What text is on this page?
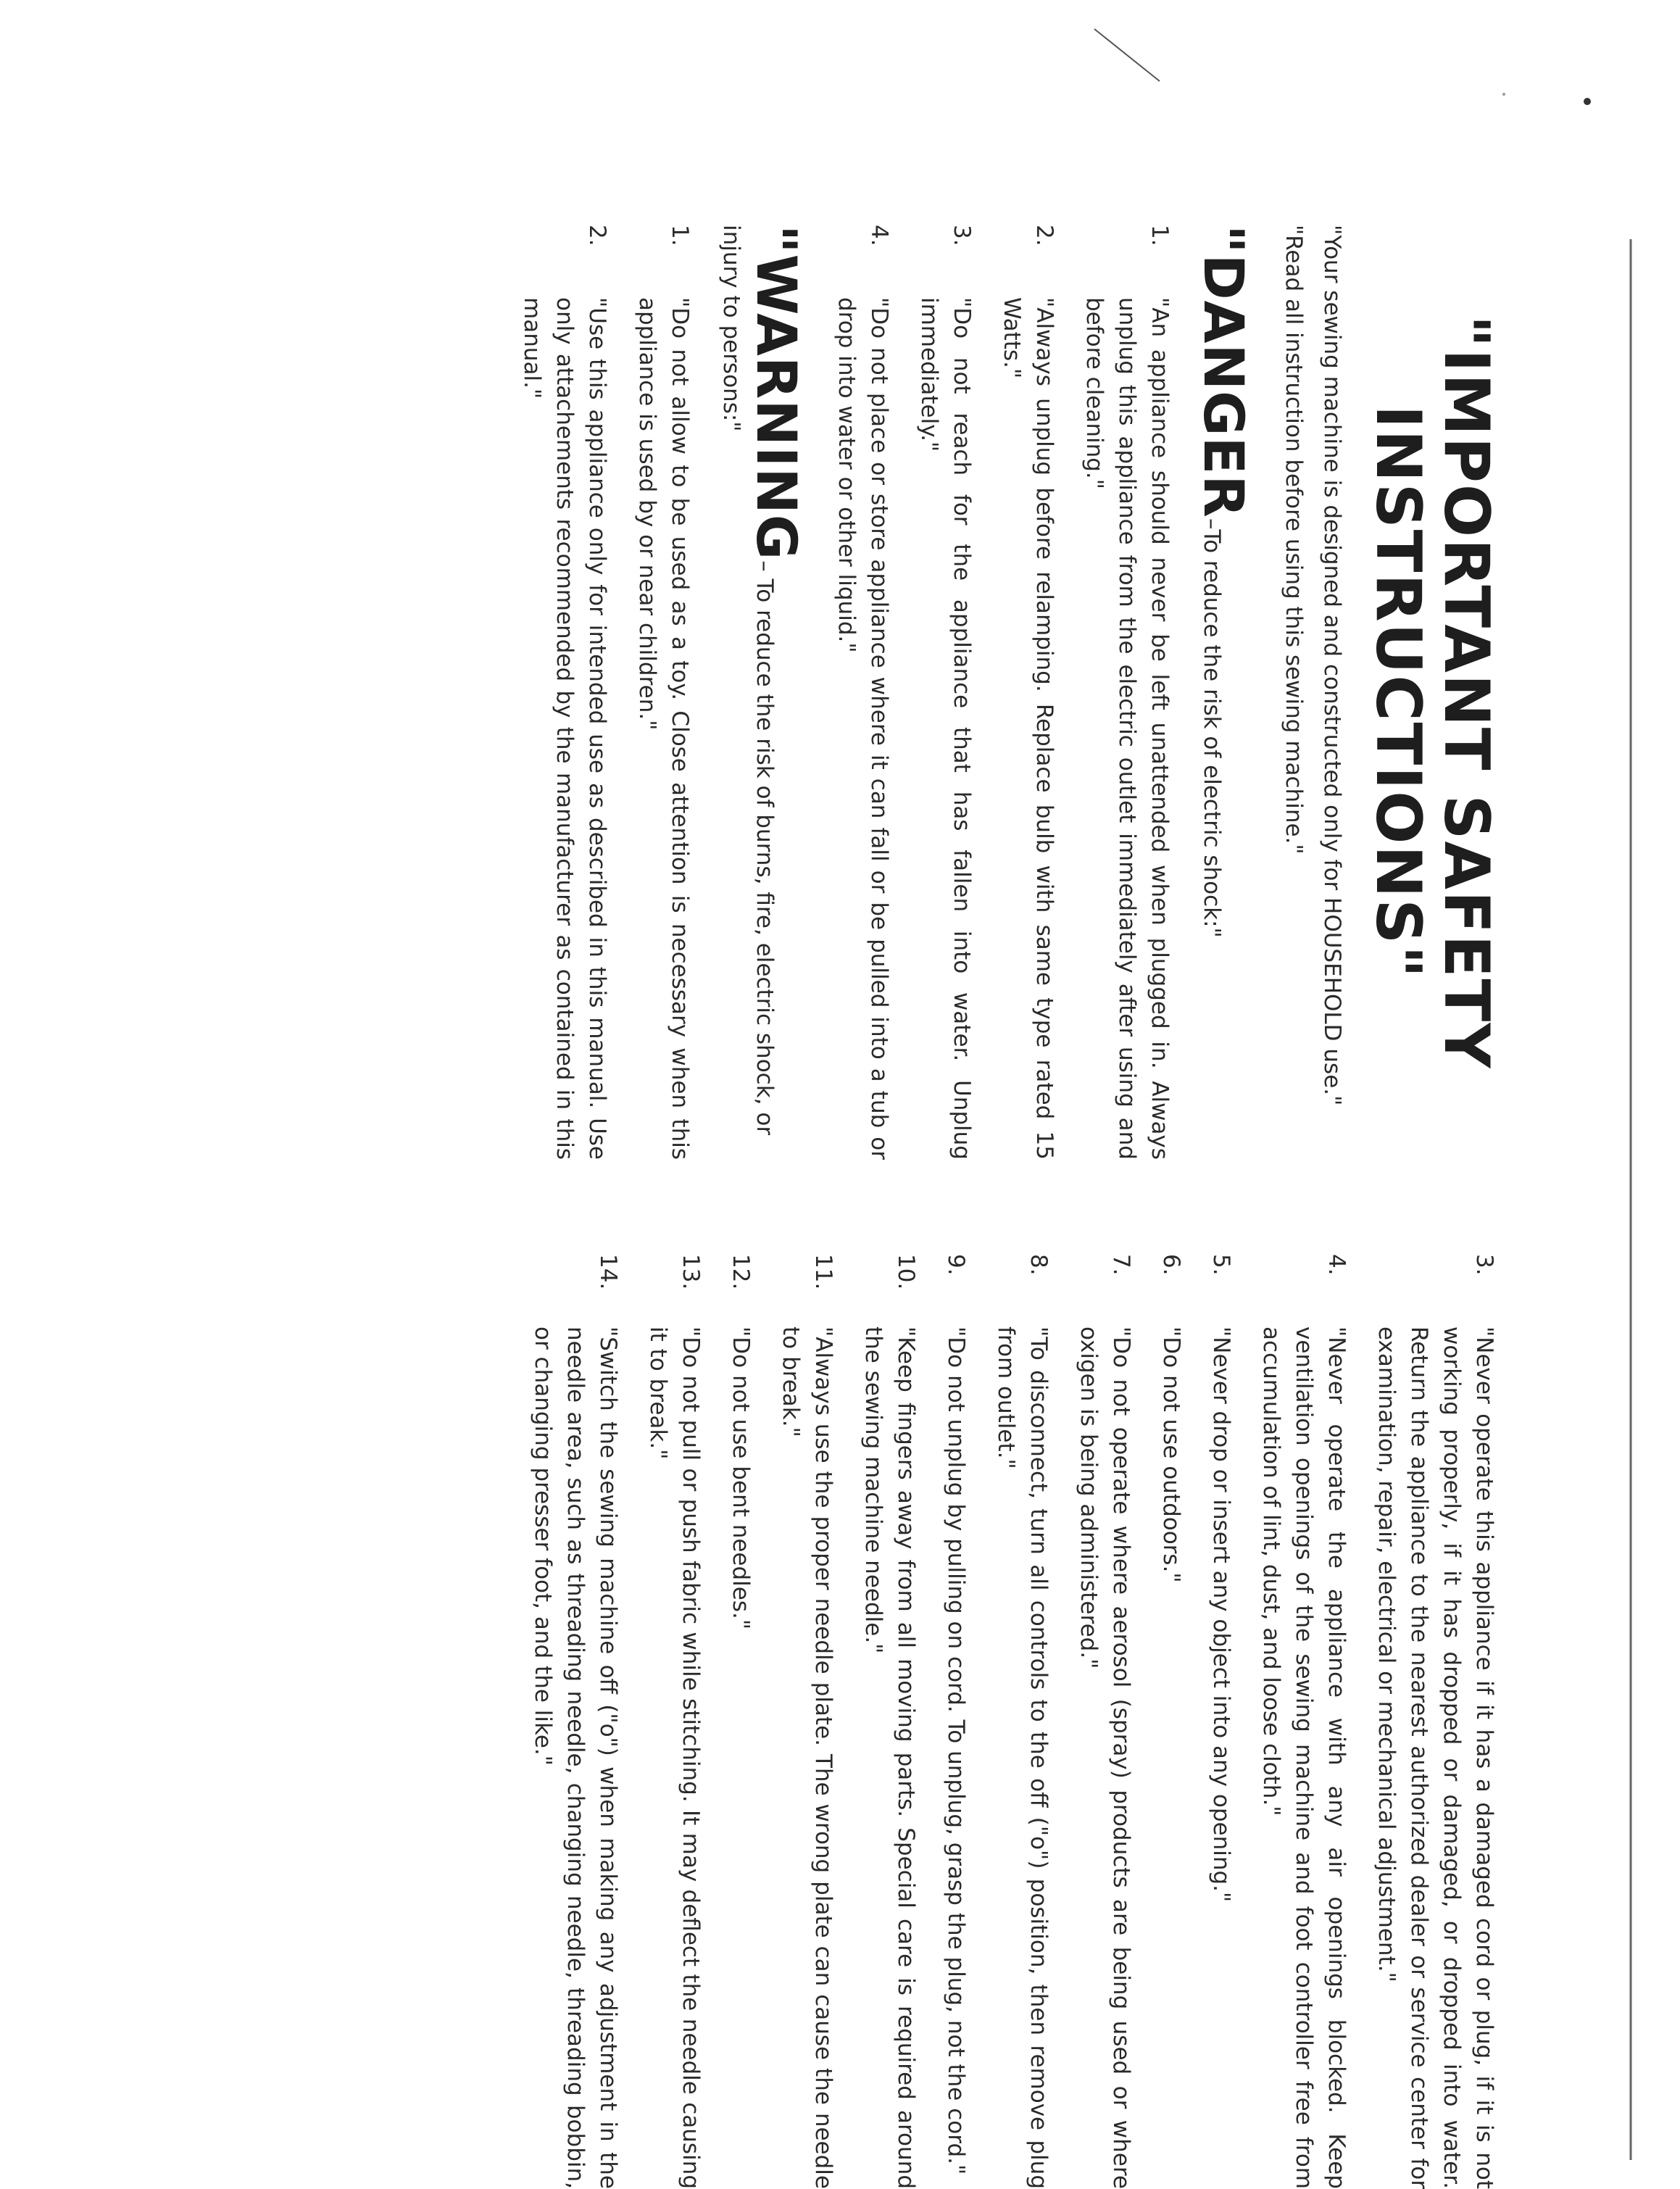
"IMPORTANT SAFETY INSTRUCTIONS"
"Your sewing machine is designed and constructed only for HOUSEHOLD use."
"Read all instruction before using this sewing machine."
"DANGER–To reduce the risk of electric shock:"
1.
"An appliance should never be left unattended when plugged in. Always unplug this appliance from the electric outlet immediately after using and before cleaning."
2.
"Always unplug before relamping. Replace bulb with same type rated 15 Watts."
3.
"Do not reach for the appliance that has fallen into water. Unplug immediately."
4.
"Do not place or store appliance where it can fall or be pulled into a tub or drop into water or other liquid."
"WARNING– To reduce the risk of burns, fire, electric shock, or injury to persons:"
1.
"Do not allow to be used as a toy. Close attention is necessary when this appliance is used by or near children."
2.
"Use this appliance only for intended use as described in this manual. Use only attachements recommended by the manufacturer as contained in this manual."
3.
"Never operate this appliance if it has a damaged cord or plug, if it is not working properly, if it has dropped or damaged, or dropped into water. Return the appliance to the nearest authorized dealer or service center for examination, repair, electrical or mechanical adjustment."
4.
"Never operate the appliance with any air openings blocked. Keep ventilation openings of the sewing machine and foot controller free from accumulation of lint, dust, and loose cloth."
5.
"Never drop or insert any object into any opening."
6.
"Do not use outdoors."
7.
"Do not operate where aerosol (spray) products are being used or where oxigen is being administered."
8.
"To disconnect, turn all controls to the off ("o") position, then remove plug from outlet."
9.
"Do not unplug by pulling on cord. To unplug, grasp the plug, not the cord."
10.
"Keep fingers away from all moving parts. Special care is required around the sewing machine needle."
11.
"Always use the proper needle plate. The wrong plate can cause the needle to break."
12.
"Do not use bent needles."
13.
"Do not pull or push fabric while stitching. It may deflect the needle causing it to break."
14.
"Switch the sewing machine off ("o") when making any adjustment in the needle area, such as threading needle, changing needle, threading bobbin, or changing presser foot, and the like."
